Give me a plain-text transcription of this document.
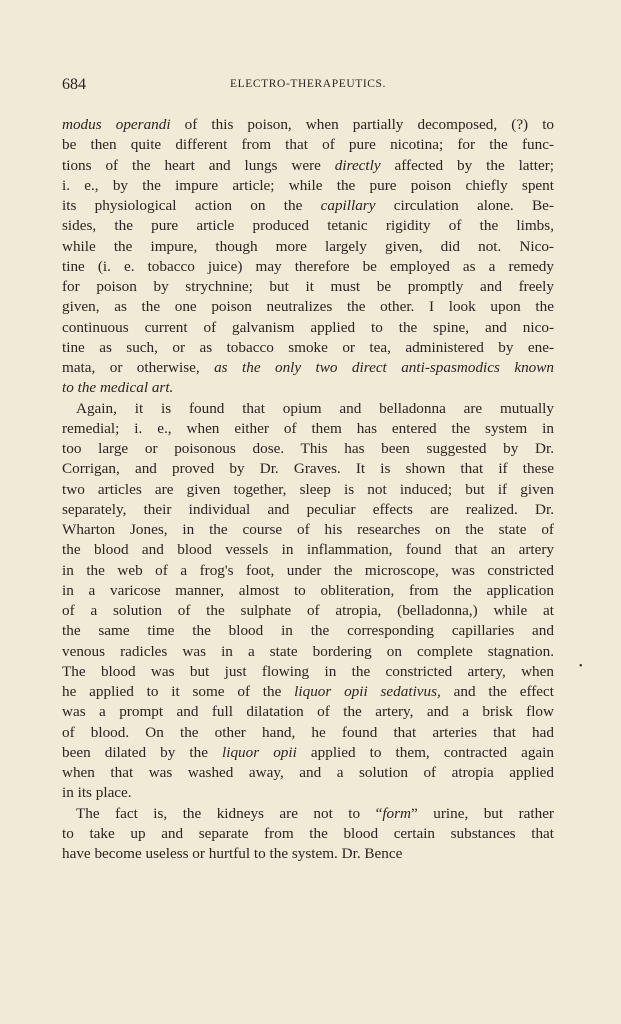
684	ELECTRO-THERAPEUTICS.
modus operandi of this poison, when partially decomposed, (?) to
be then quite different from that of pure nicotina; for the func-
tions of the heart and lungs were directly affected by the latter;
i. e., by the impure article; while the pure poison chiefly spent
its physiological action on the capillary circulation alone. Be-
sides, the pure article produced tetanic rigidity of the limbs,
while the impure, though more largely given, did not. Nico-
tine (i. e. tobacco juice) may therefore be employed as a remedy
for poison by strychnine; but it must be promptly and freely
given, as the one poison neutralizes the other. I look upon the
continuous current of galvanism applied to the spine, and nico-
tine as such, or as tobacco smoke or tea, administered by ene-
mata, or otherwise, as the only two direct anti-spasmodics known
to the medical art.
Again, it is found that opium and belladonna are mutually
remedial; i. e., when either of them has entered the system in
too large or poisonous dose. This has been suggested by Dr.
Corrigan, and proved by Dr. Graves. It is shown that if these
two articles are given together, sleep is not induced; but if given
separately, their individual and peculiar effects are realized. Dr.
Wharton Jones, in the course of his researches on the state of
the blood and blood vessels in inflammation, found that an artery
in the web of a frog's foot, under the microscope, was constricted
in a varicose manner, almost to obliteration, from the application
of a solution of the sulphate of atropia, (belladonna,) while at
the same time the blood in the corresponding capillaries and
venous radicles was in a state bordering on complete stagnation.
The blood was but just flowing in the constricted artery, when
he applied to it some of the liquor opii sedativus, and the effect
was a prompt and full dilatation of the artery, and a brisk flow
of blood. On the other hand, he found that arteries that had
been dilated by the liquor opii applied to them, contracted again
when that was washed away, and a solution of atropia applied
in its place.
The fact is, the kidneys are not to “form” urine, but rather
to take up and separate from the blood certain substances that
have become useless or hurtful to the system. Dr. Bence
•
